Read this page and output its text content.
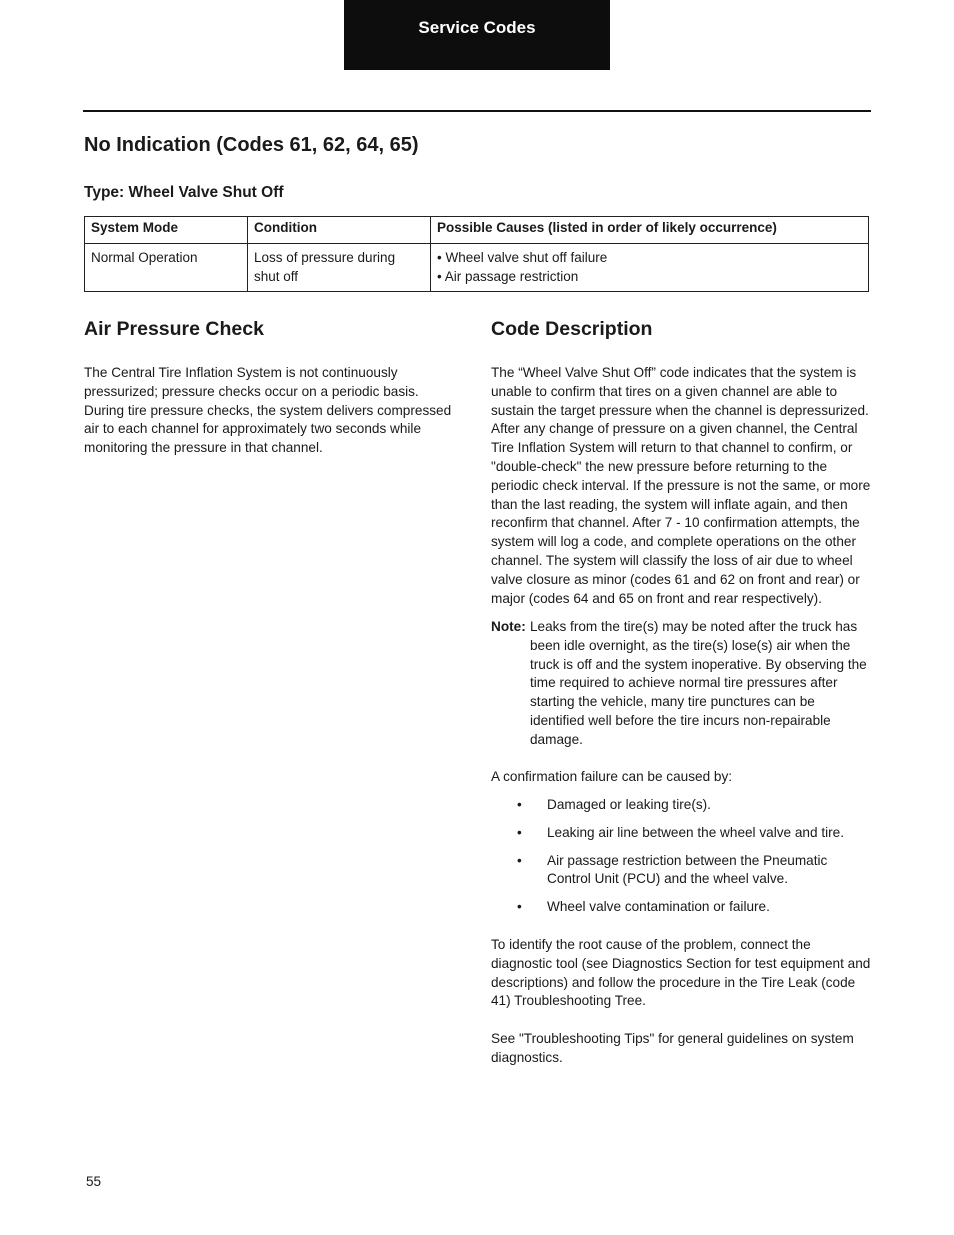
Service Codes
No Indication (Codes 61, 62, 64, 65)
Type: Wheel Valve Shut Off
System Mode	Condition	Possible Causes (listed in order of likely occurrence)
Normal Operation	Loss of pressure during shut off	• Wheel valve shut off failure
• Air passage restriction
Air Pressure Check

The Central Tire Inflation System is not continuously pressurized; pressure checks occur on a periodic basis. During tire pressure checks, the system delivers compressed air to each channel for approximately two seconds while monitoring the pressure in that channel.

Code Description

The “Wheel Valve Shut Off” code indicates that the system is unable to confirm that tires on a given channel are able to sustain the target pressure when the channel is depressurized. After any change of pressure on a given channel, the Central Tire Inflation System will return to that channel to confirm, or "double-check" the new pressure before returning to the periodic check interval. If the pressure is not the same, or more than the last reading, the system will inflate again, and then reconfirm that channel. After 7 - 10 confirmation attempts, the system will log a code, and complete operations on the other channel. The system will classify the loss of air due to wheel valve closure as minor (codes 61 and 62 on front and rear) or major (codes 64 and 65 on front and rear respectively).

Note: Leaks from the tire(s) may be noted after the truck has been idle overnight, as the tire(s) lose(s) air when the truck is off and the system inoperative. By observing the time required to achieve normal tire pressures after starting the vehicle, many tire punctures can be identified well before the tire incurs non-repairable damage.

A confirmation failure can be caused by:

• Damaged or leaking tire(s).
• Leaking air line between the wheel valve and tire.
• Air passage restriction between the Pneumatic Control Unit (PCU) and the wheel valve.
• Wheel valve contamination or failure.

To identify the root cause of the problem, connect the diagnostic tool (see Diagnostics Section for test equipment and descriptions) and follow the procedure in the Tire Leak (code 41) Troubleshooting Tree.

See "Troubleshooting Tips" for general guidelines on system diagnostics.

55
